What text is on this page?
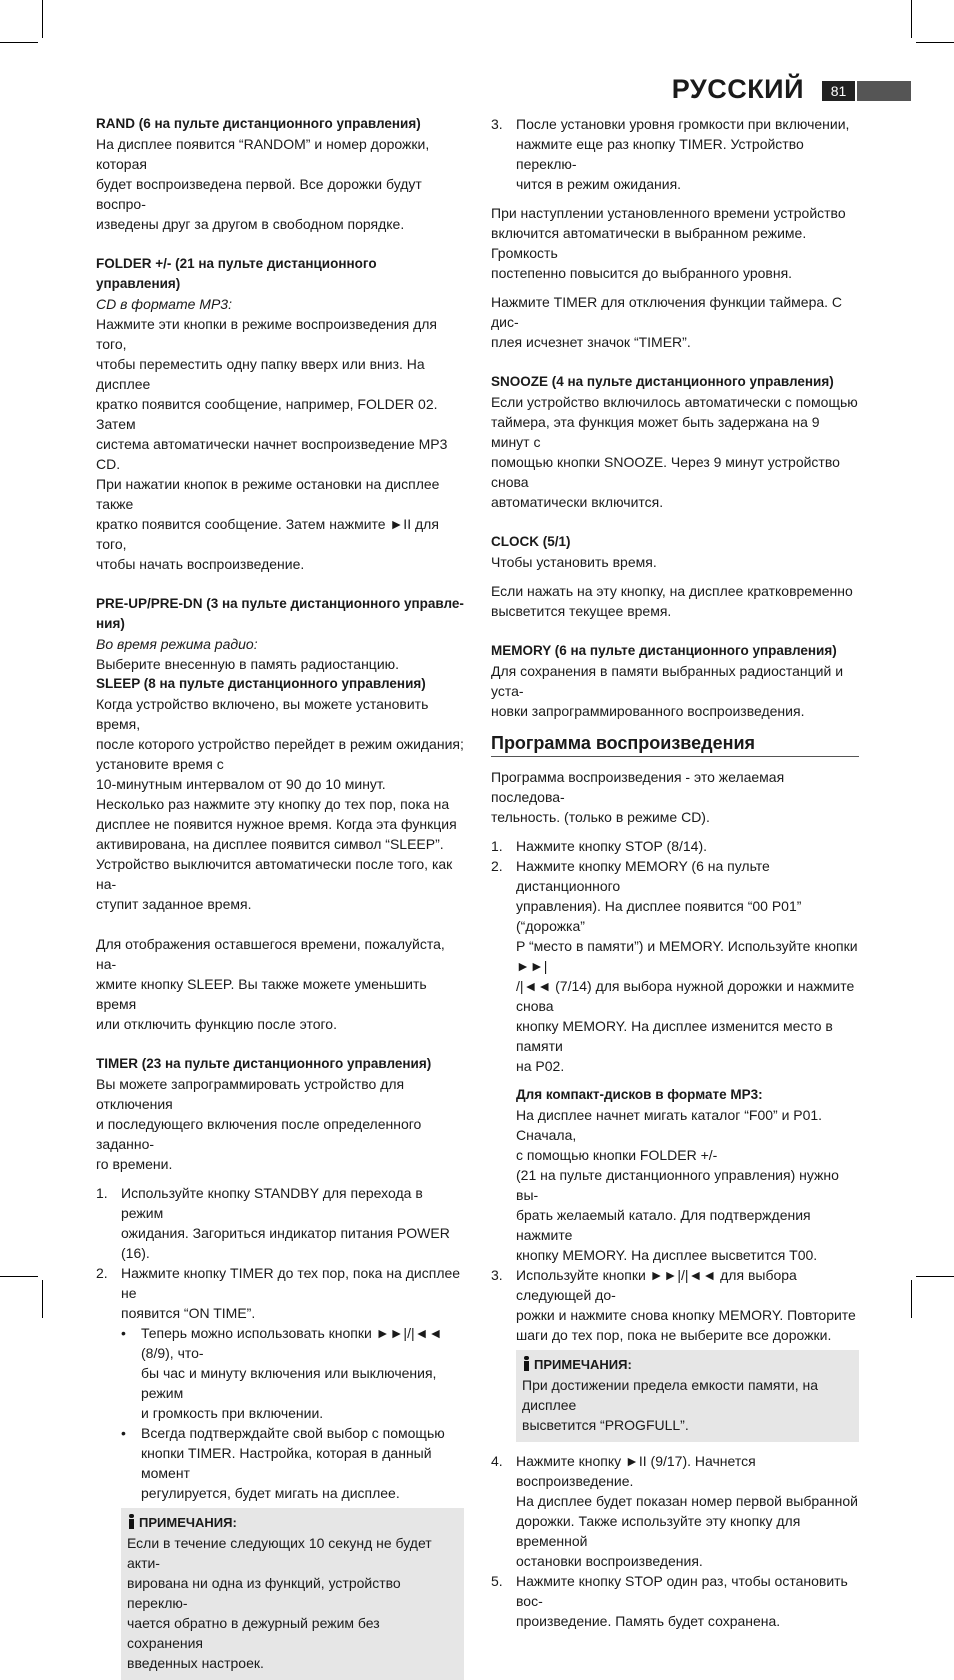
РУССКИЙ	81

RAND (6 на пульте дистанционного управления)

На дисплее появится “RANDOM” и номер дорожки, которая

будет воспроизведена первой. Все дорожки будут воспро-

изведены друг за другом в свободном порядке.

FOLDER +/- (21 на пульте дистанционного управления)

CD в формате MP3:

Нажмите эти кнопки в режиме воспроизведения для того,

чтобы переместить одну папку вверх или вниз. На дисплее

кратко появится сообщение, например, FOLDER 02. Затем

система автоматически начнет воспроизведение MP3 CD.

При нажатии кнопок в режиме остановки на дисплее также

кратко появится сообщение. Затем нажмите ►II для того,

чтобы начать воспроизведение.

PRE-UP/PRE-DN (3 на пульте дистанционного управле-

ния)

Во время режима радио:

Выберите внесенную в память радиостанцию.

SLEEP (8 на пульте дистанционного управления)

Когда устройство включено, вы можете установить время,

после которого устройство перейдет в режим ожидания;

установите время с

10-минутным интервалом от 90 до 10 минут.

Несколько раз нажмите эту кнопку до тех пор, пока на

дисплее не появится нужное время. Когда эта функция

активирована, на дисплее появится символ “SLEEP”.

Устройство выключится автоматически после того, как на-

ступит заданное время.

Для отображения оставшегося времени, пожалуйста, на-

жмите кнопку SLEEP. Вы также можете уменьшить время

или отключить функцию после этого.

TIMER (23 на пульте дистанционного управления)

Вы можете запрограммировать устройство для отключения

и последующего включения после определенного заданно-

го времени.

1. Используйте кнопку STANDBY для перехода в режим

ожидания. Загориться индикатор питания POWER (16).

2. Нажмите кнопку TIMER до тех пор, пока на дисплее не

появится “ON TIME”.

• Теперь можно использовать кнопки ►►|/|◄◄ (8/9), что-

бы час и минуту включения или выключения, режим

и громкость при включении.

• Всегда подтверждайте свой выбор с помощью

кнопки TIMER. Настройка, которая в данный момент

регулируется, будет мигать на дисплее.

ПРИМЕЧАНИЯ:

Если в течение следующих 10 секунд не будет акти-

вирована ни одна из функций, устройство переклю-

чается обратно в дежурный режим без сохранения

введенных настроек.

3. После установки уровня громкости при включении,

нажмите еще раз кнопку TIMER. Устройство переклю-

чится в режим ожидания.

При наступлении установленного времени устройство

включится автоматически в выбранном режиме. Громкость

постепенно повысится до выбранного уровня.

Нажмите TIMER для отключения функции таймера. С дис-

плея исчезнет значок “TIMER”.

SNOOZE (4 на пульте дистанционного управления)

Если устройство включилось автоматически с помощью

таймера, эта функция может быть задержана на 9 минут с

помощью кнопки SNOOZE. Через 9 минут устройство снова

автоматически включится.

CLOCK (5/1)

Чтобы установить время.

Если нажать на эту кнопку, на дисплее кратковременно

высветится текущее время.

MEMORY (6 на пульте дистанционного управления)

Для сохранения в памяти выбранных радиостанций и уста-

новки запрограммированного воспроизведения.

Программа воспроизведения

Программа воспроизведения - это желаемая последова-

тельность. (только в режиме CD).

1. Нажмите кнопку STOP (8/14).

2. Нажмите кнопку MEMORY (6 на пульте дистанционного

управления). На дисплее появится “00 P01” (“дорожка”

P “место в памяти”) и MEMORY. Используйте кнопки ►►|

/|◄◄ (7/14) для выбора нужной дорожки и нажмите снова

кнопку MEMORY. На дисплее изменится место в памяти

на P02.

Для компакт-дисков в формате MP3:

На дисплее начнет мигать каталог “F00” и P01. Сначала,

с помощью кнопки FOLDER +/-

(21 на пульте дистанционного управления) нужно вы-

брать желаемый катало. Для подтверждения нажмите

кнопку MEMORY. На дисплее высветится T00.

3. Используйте кнопки ►►|/|◄◄ для выбора следующей до-

рожки и нажмите снова кнопку MEMORY. Повторите

шаги до тех пор, пока не выберите все дорожки.

ПРИМЕЧАНИЯ:

При достижении предела емкости памяти, на дисплее

высветится “PROGFULL”.

4. Нажмите кнопку ►II (9/17). Начнется воспроизведение.

На дисплее будет показан номер первой выбранной

дорожки. Также используйте эту кнопку для временной

остановки воспроизведения.

5. Нажмите кнопку STOP один раз, чтобы остановить вос-

произведение. Память будет сохранена.
